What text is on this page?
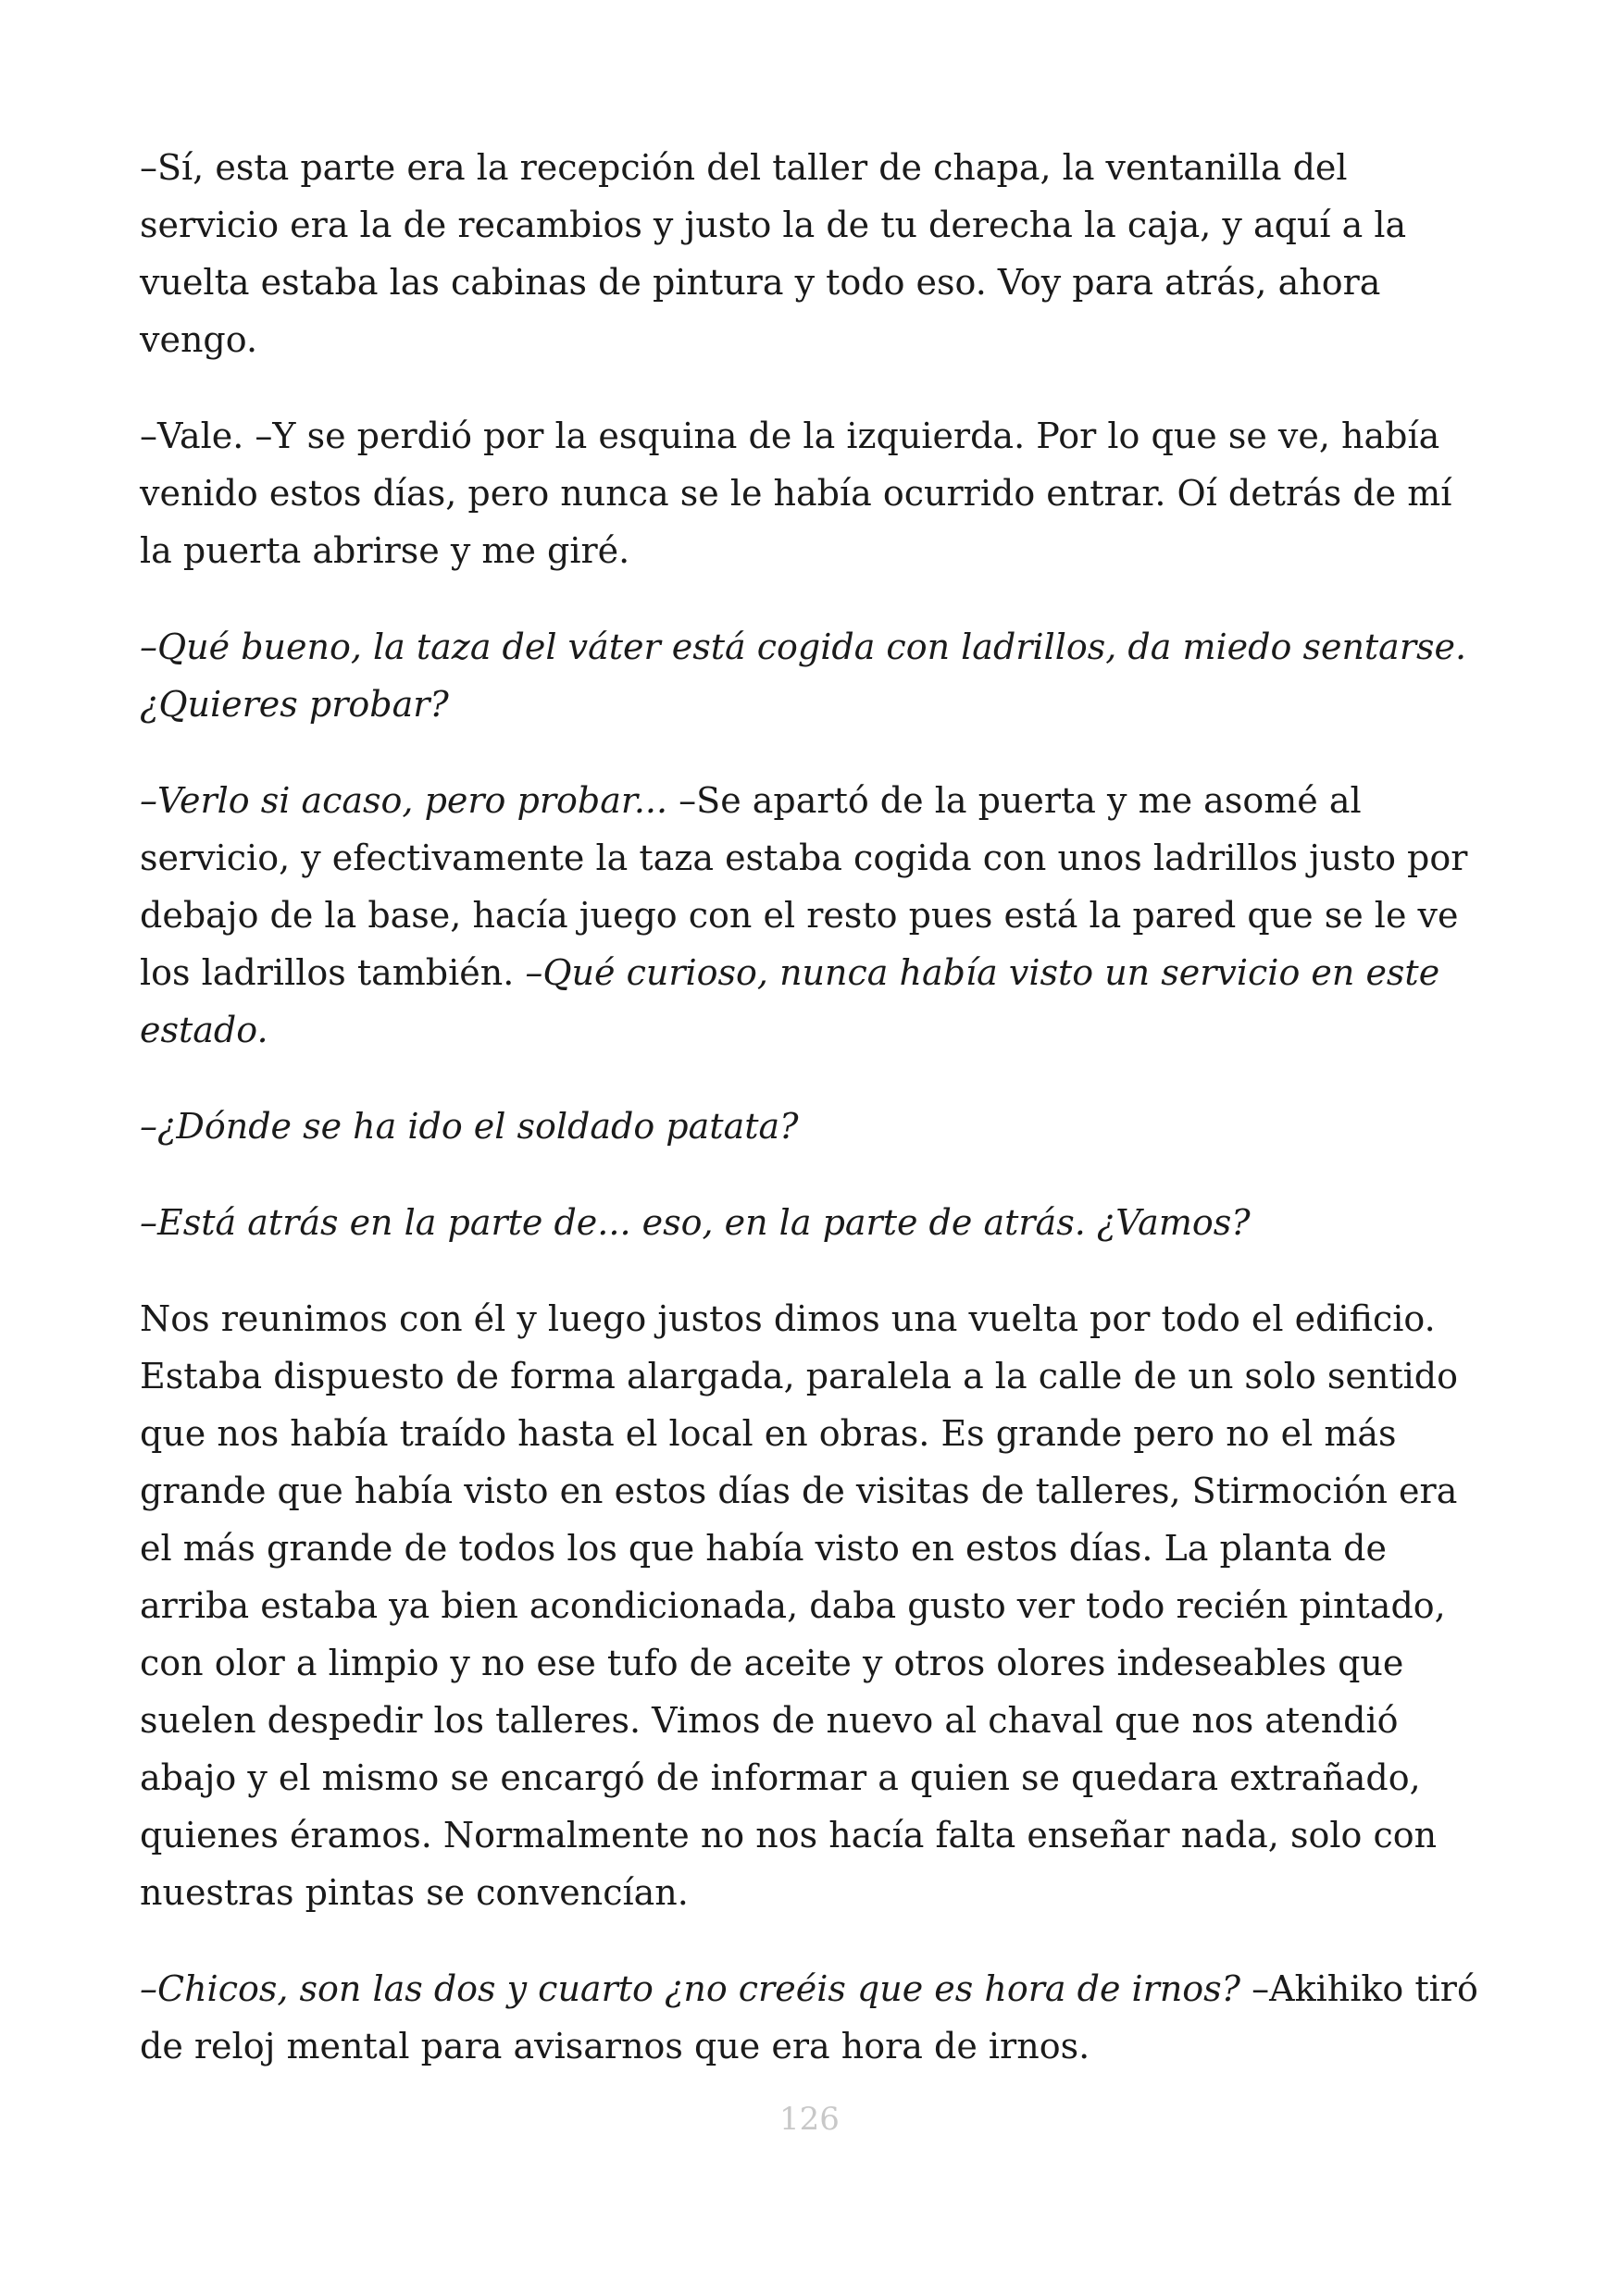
–Sí, esta parte era la recepción del taller de chapa, la ventanilla del servicio era la de recambios y justo la de tu derecha la caja, y aquí a la vuelta estaba las cabinas de pintura y todo eso. Voy para atrás, ahora vengo.

–Vale. –Y se perdió por la esquina de la izquierda. Por lo que se ve, había venido estos días, pero nunca se le había ocurrido entrar. Oí detrás de mí la puerta abrirse y me giré.

–Qué bueno, la taza del váter está cogida con ladrillos, da miedo sentarse. ¿Quieres probar?

–Verlo si acaso, pero probar... –Se apartó de la puerta y me asomé al servicio, y efectivamente la taza estaba cogida con unos ladrillos justo por debajo de la base, hacía juego con el resto pues está la pared que se le ve los ladrillos también. –Qué curioso, nunca había visto un servicio en este estado.

–¿Dónde se ha ido el soldado patata?

–Está atrás en la parte de... eso, en la parte de atrás. ¿Vamos?

Nos reunimos con él y luego justos dimos una vuelta por todo el edificio. Estaba dispuesto de forma alargada, paralela a la calle de un solo sentido que nos había traído hasta el local en obras. Es grande pero no el más grande que había visto en estos días de visitas de talleres, Stirmoción era el más grande de todos los que había visto en estos días. La planta de arriba estaba ya bien acondicionada, daba gusto ver todo recién pintado, con olor a limpio y no ese tufo de aceite y otros olores indeseables que suelen despedir los talleres. Vimos de nuevo al chaval que nos atendió abajo y el mismo se encargó de informar a quien se quedara extrañado, quienes éramos. Normalmente no nos hacía falta enseñar nada, solo con nuestras pintas se convencían.

–Chicos, son las dos y cuarto ¿no creéis que es hora de irnos? –Akihiko tiró de reloj mental para avisarnos que era hora de irnos.

126
